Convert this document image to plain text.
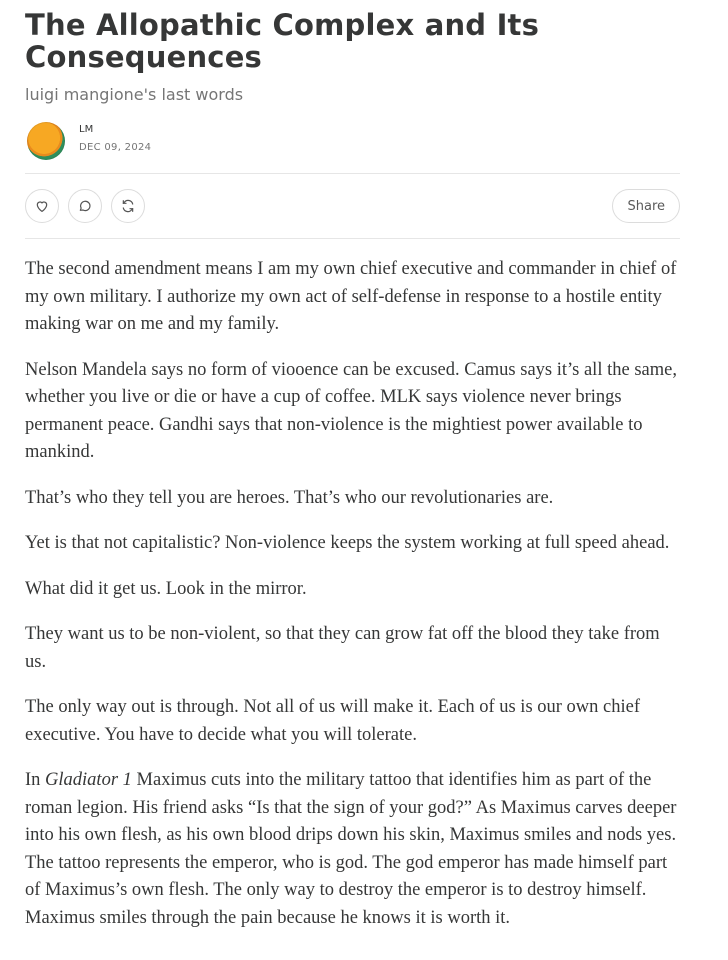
The Allopathic Complex and Its Consequences
luigi mangione's last words
LM
DEC 09, 2024
Share

The second amendment means I am my own chief executive and commander in chief of my own military. I authorize my own act of self-defense in response to a hostile entity making war on me and my family.

Nelson Mandela says no form of viooence can be excused. Camus says it’s all the same, whether you live or die or have a cup of coffee. MLK says violence never brings permanent peace. Gandhi says that non-violence is the mightiest power available to mankind.

That’s who they tell you are heroes. That’s who our revolutionaries are.

Yet is that not capitalistic? Non-violence keeps the system working at full speed ahead.

What did it get us. Look in the mirror.

They want us to be non-violent, so that they can grow fat off the blood they take from us.

The only way out is through. Not all of us will make it. Each of us is our own chief executive. You have to decide what you will tolerate.

In Gladiator 1 Maximus cuts into the military tattoo that identifies him as part of the roman legion. His friend asks “Is that the sign of your god?” As Maximus carves deeper into his own flesh, as his own blood drips down his skin, Maximus smiles and nods yes. The tattoo represents the emperor, who is god. The god emperor has made himself part of Maximus’s own flesh. The only way to destroy the emperor is to destroy himself. Maximus smiles through the pain because he knows it is worth it.
